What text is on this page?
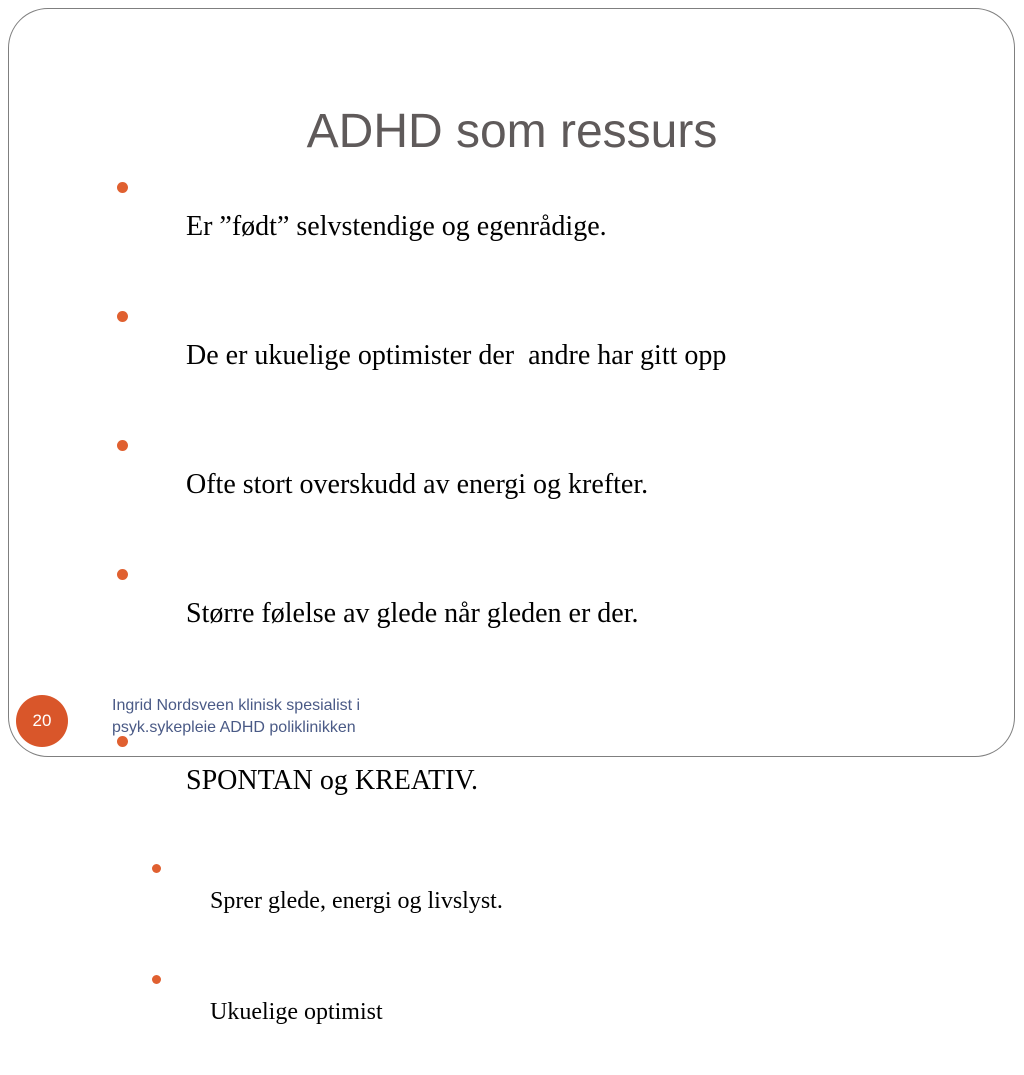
ADHD som ressurs

Er ”født” selvstendige og egenrådige.

De er ukuelige optimister der  andre har gitt opp

Ofte stort overskudd av energi og krefter.

Større følelse av glede når gleden er der.

SPONTAN og KREATIV.

Sprer glede, energi og livslyst.

Ukuelige optimist

20
Ingrid Nordsveen klinisk spesialist i
psyk.sykepleie ADHD poliklinikken
